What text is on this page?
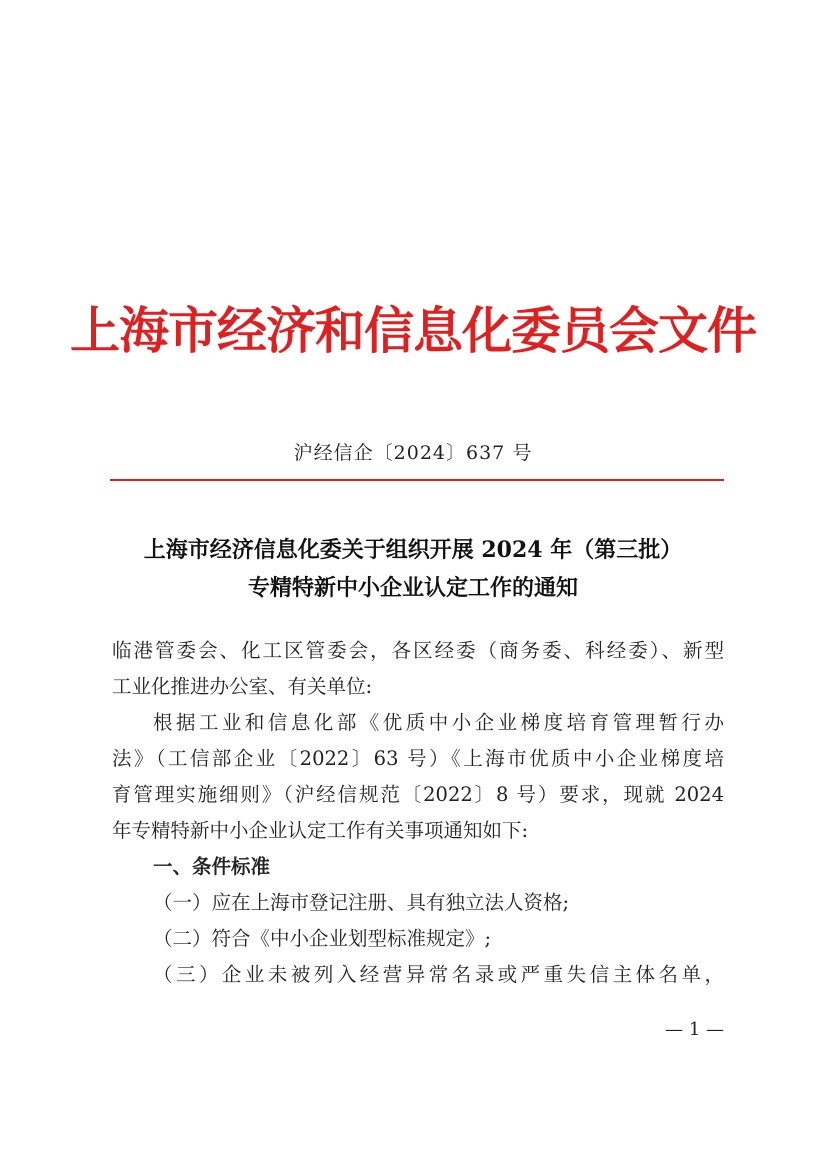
上海市经济和信息化委员会文件
沪经信企〔2024〕637 号
上海市经济信息化委关于组织开展 2024 年（第三批）
专精特新中小企业认定工作的通知
临港管委会、化工区管委会，各区经委（商务委、科经委）、新型
工业化推进办公室、有关单位:
根据工业和信息化部《优质中小企业梯度培育管理暂行办
法》（工信部企业〔2022〕63 号）《上海市优质中小企业梯度培
育管理实施细则》（沪经信规范〔2022〕8 号）要求，现就 2024
年专精特新中小企业认定工作有关事项通知如下:
一、条件标准
（一）应在上海市登记注册、具有独立法人资格;
（二）符合《中小企业划型标准规定》;
（三）企业未被列入经营异常名录或严重失信主体名单，
— 1 —
